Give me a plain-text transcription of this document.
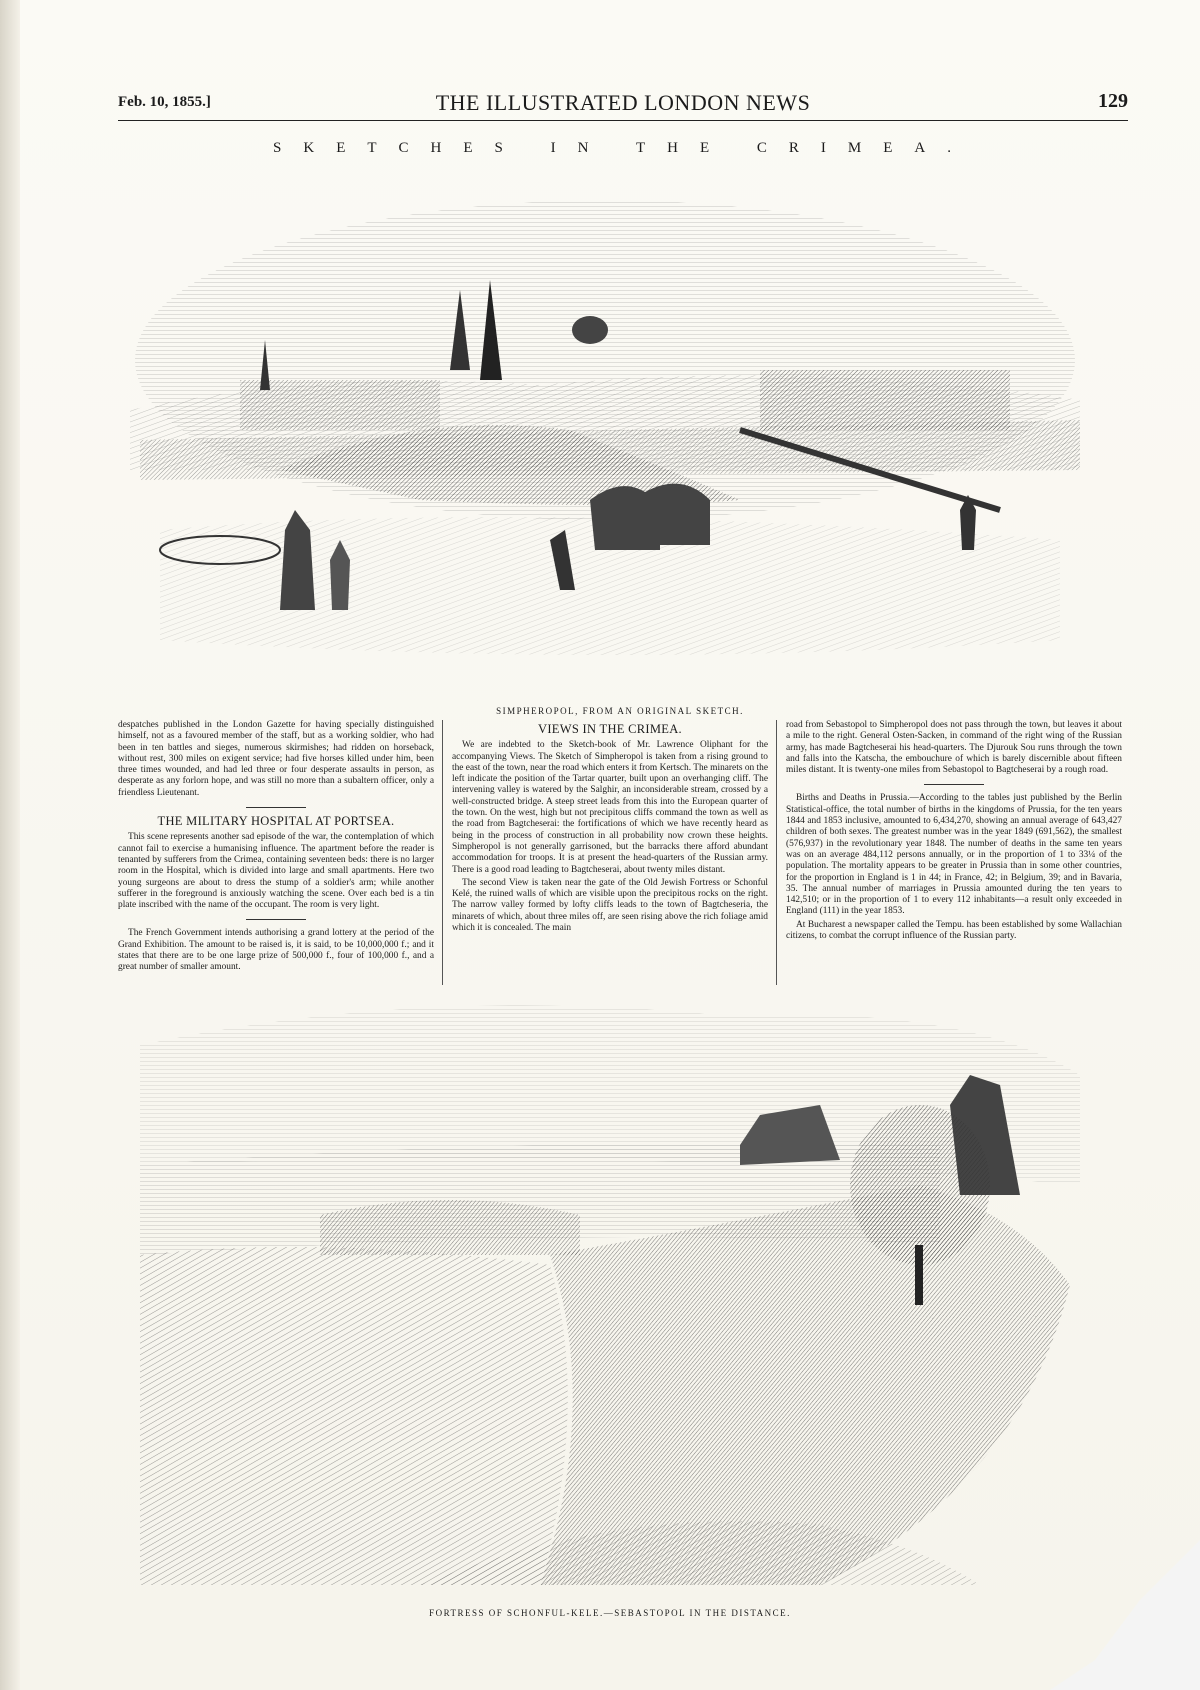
Feb. 10, 1855.]	THE ILLUSTRATED LONDON NEWS	129
SKETCHES IN THE CRIMEA.
SIMPHEROPOL, FROM AN ORIGINAL SKETCH.

despatches published in the London Gazette for having specially distinguished himself, not as a favoured member of the staff, but as a working soldier, who had been in ten battles and sieges, numerous skirmishes; had ridden on horseback, without rest, 300 miles on exigent service; had five horses killed under him, been three times wounded, and had led three or four desperate assaults in person, as desperate as any forlorn hope, and was still no more than a subaltern officer, only a friendless Lieutenant.

THE MILITARY HOSPITAL AT PORTSEA.

This scene represents another sad episode of the war, the contemplation of which cannot fail to exercise a humanising influence. The apartment before the reader is tenanted by sufferers from the Crimea, containing seventeen beds: there is no larger room in the Hospital, which is divided into large and small apartments. Here two young surgeons are about to dress the stump of a soldier's arm; while another sufferer in the foreground is anxiously watching the scene. Over each bed is a tin plate inscribed with the name of the occupant. The room is very light.

The French Government intends authorising a grand lottery at the period of the Grand Exhibition. The amount to be raised is, it is said, to be 10,000,000 f.; and it states that there are to be one large prize of 500,000 f., four of 100,000 f., and a great number of smaller amount.

VIEWS IN THE CRIMEA.

We are indebted to the Sketch-book of Mr. Lawrence Oliphant for the accompanying Views. The Sketch of Simpheropol is taken from a rising ground to the east of the town, near the road which enters it from Kertsch. The minarets on the left indicate the position of the Tartar quarter, built upon an overhanging cliff. The intervening valley is watered by the Salghir, an inconsiderable stream, crossed by a well-constructed bridge. A steep street leads from this into the European quarter of the town. On the west, high but not precipitous cliffs command the town as well as the road from Bagtcheserai: the fortifications of which we have recently heard as being in the process of construction in all probability now crown these heights. Simpheropol is not generally garrisoned, but the barracks there afford abundant accommodation for troops. It is at present the head-quarters of the Russian army. There is a good road leading to Bagtcheserai, about twenty miles distant.

The second View is taken near the gate of the Old Jewish Fortress or Schonful Kelé, the ruined walls of which are visible upon the precipitous rocks on the right. The narrow valley formed by lofty cliffs leads to the town of Bagtcheseria, the minarets of which, about three miles off, are seen rising above the rich foliage amid which it is concealed. The main

road from Sebastopol to Simpheropol does not pass through the town, but leaves it about a mile to the right. General Osten-Sacken, in command of the right wing of the Russian army, has made Bagtcheserai his head-quarters. The Djurouk Sou runs through the town and falls into the Katscha, the embouchure of which is barely discernible about fifteen miles distant. It is twenty-one miles from Sebastopol to Bagtcheserai by a rough road.

Births and Deaths in Prussia.—According to the tables just published by the Berlin Statistical-office, the total number of births in the kingdoms of Prussia, for the ten years 1844 and 1853 inclusive, amounted to 6,434,270, showing an annual average of 643,427 children of both sexes. The greatest number was in the year 1849 (691,562), the smallest (576,937) in the revolutionary year 1848. The number of deaths in the same ten years was on an average 484,112 persons annually, or in the proportion of 1 to 33¼ of the population. The mortality appears to be greater in Prussia than in some other countries, for the proportion in England is 1 in 44; in France, 42; in Belgium, 39; and in Bavaria, 35. The annual number of marriages in Prussia amounted during the ten years to 142,510; or in the proportion of 1 to every 112 inhabitants—a result only exceeded in England (111) in the year 1853.

At Bucharest a newspaper called the Tempu. has been established by some Wallachian citizens, to combat the corrupt influence of the Russian party.

FORTRESS OF SCHONFUL-KELE.—SEBASTOPOL IN THE DISTANCE.
